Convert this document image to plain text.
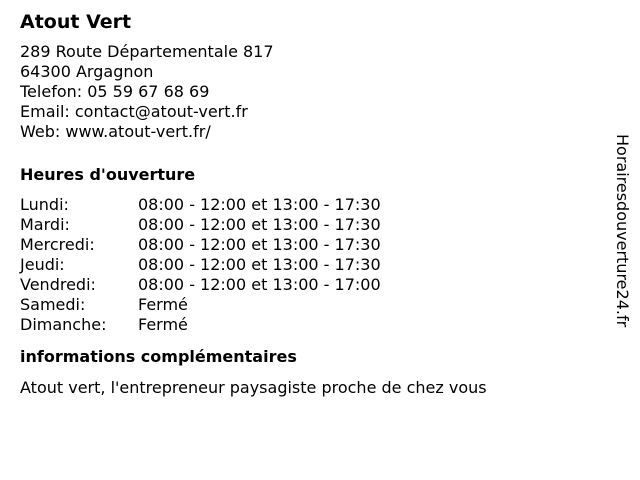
Atout Vert
289 Route Départementale 817
64300 Argagnon
Telefon: 05 59 67 68 69
Email: contact@atout-vert.fr
Web: www.atout-vert.fr/
Heures d'ouverture
Lundi:	08:00 - 12:00 et 13:00 - 17:30
Mardi:	08:00 - 12:00 et 13:00 - 17:30
Mercredi:	08:00 - 12:00 et 13:00 - 17:30
Jeudi:	08:00 - 12:00 et 13:00 - 17:30
Vendredi:	08:00 - 12:00 et 13:00 - 17:00
Samedi:	Fermé
Dimanche:	Fermé
informations complémentaires
Atout vert, l'entrepreneur paysagiste proche de chez vous
Horairesdouverture24.fr
